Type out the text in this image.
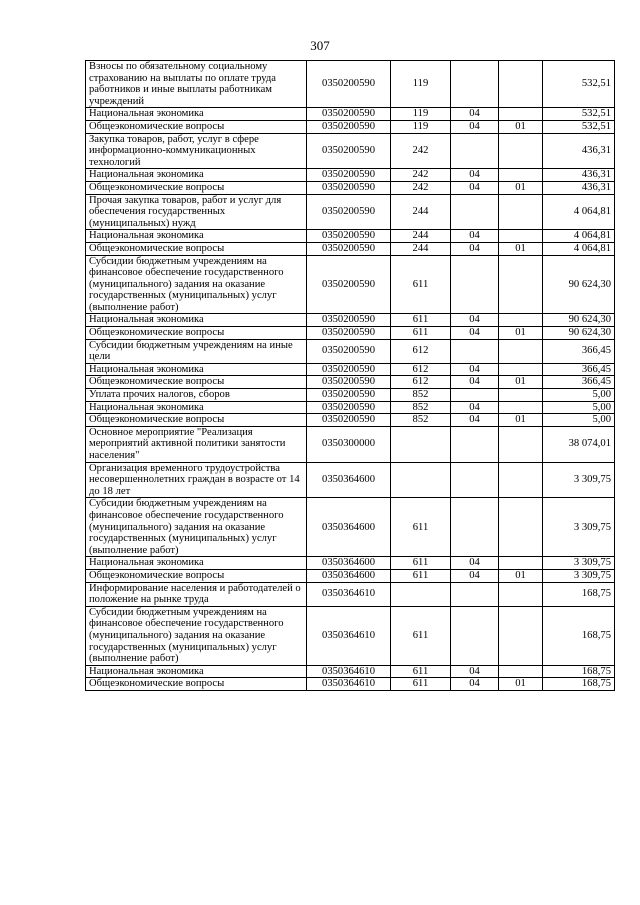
307
Взносы по обязательному социальному страхованию на выплаты по оплате труда работников и иные выплаты работникам учреждений	0350200590	119			532,51
Национальная экономика	0350200590	119	04		532,51
Общеэкономические вопросы	0350200590	119	04	01	532,51
Закупка товаров, работ, услуг в сфере информационно-коммуникационных технологий	0350200590	242			436,31
Национальная экономика	0350200590	242	04		436,31
Общеэкономические вопросы	0350200590	242	04	01	436,31
Прочая закупка товаров, работ и услуг для обеспечения государственных (муниципальных) нужд	0350200590	244			4 064,81
Национальная экономика	0350200590	244	04		4 064,81
Общеэкономические вопросы	0350200590	244	04	01	4 064,81
Субсидии бюджетным учреждениям на финансовое обеспечение государственного (муниципального) задания на оказание государственных (муниципальных) услуг (выполнение работ)	0350200590	611			90 624,30
Национальная экономика	0350200590	611	04		90 624,30
Общеэкономические вопросы	0350200590	611	04	01	90 624,30
Субсидии бюджетным учреждениям на иные цели	0350200590	612			366,45
Национальная экономика	0350200590	612	04		366,45
Общеэкономические вопросы	0350200590	612	04	01	366,45
Уплата прочих налогов, сборов	0350200590	852			5,00
Национальная экономика	0350200590	852	04		5,00
Общеэкономические вопросы	0350200590	852	04	01	5,00
Основное мероприятие "Реализация мероприятий активной политики занятости населения"	0350300000				38 074,01
Организация временного трудоустройства несовершеннолетних граждан в возрасте от 14 до 18 лет	0350364600				3 309,75
Субсидии бюджетным учреждениям на финансовое обеспечение государственного (муниципального) задания на оказание государственных (муниципальных) услуг (выполнение работ)	0350364600	611			3 309,75
Национальная экономика	0350364600	611	04		3 309,75
Общеэкономические вопросы	0350364600	611	04	01	3 309,75
Информирование населения и работодателей о положение на рынке труда	0350364610				168,75
Субсидии бюджетным учреждениям на финансовое обеспечение государственного (муниципального) задания на оказание государственных (муниципальных) услуг (выполнение работ)	0350364610	611			168,75
Национальная экономика	0350364610	611	04		168,75
Общеэкономические вопросы	0350364610	611	04	01	168,75
